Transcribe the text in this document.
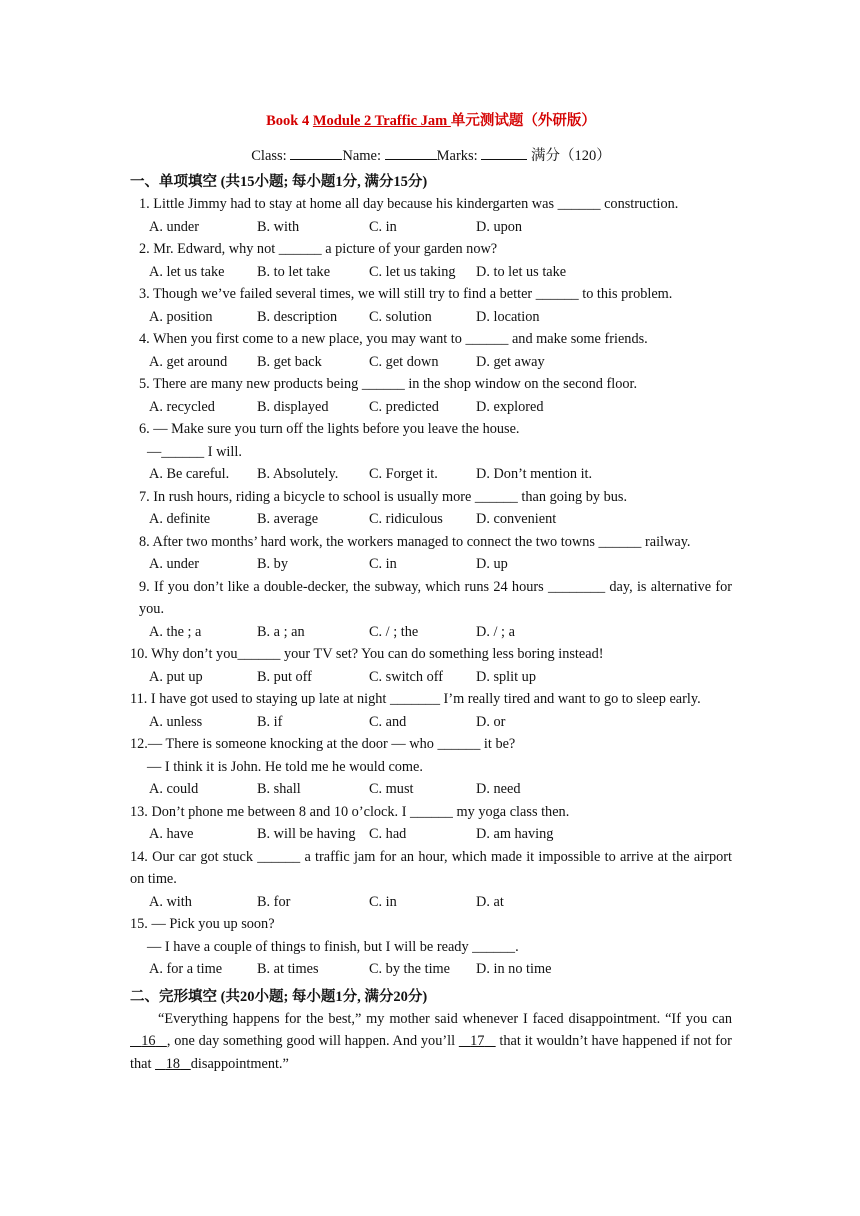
Book 4 Module 2 Traffic Jam 单元测试题（外研版）
Class:	Name:	Marks:	满分（120）
一、单项填空 (共15小题; 每小题1分, 满分15分)
1. Little Jimmy had to stay at home all day because his kindergarten was ______ construction.
A. under	B. with	C. in	D. upon
2. Mr. Edward, why not ______ a picture of your garden now?
A. let us take	B. to let take	C. let us taking	D. to let us take
3. Though we’ve failed several times, we will still try to find a better ______ to this problem.
A. position	B. description	C. solution	D. location
4. When you first come to a new place, you may want to ______ and make some friends.
A. get around	B. get back	C. get down	D. get away
5. There are many new products being ______ in the shop window on the second floor.
A. recycled	B. displayed	C. predicted	D. explored
6. — Make sure you turn off the lights before you leave the house.
—______ I will.
A. Be careful.	B. Absolutely.	C. Forget it.	D. Don’t mention it.
7. In rush hours, riding a bicycle to school is usually more ______ than going by bus.
A. definite	B. average	C. ridiculous	D. convenient
8. After two months’ hard work, the workers managed to connect the two towns ______ railway.
A. under	B. by	C. in	D. up
9. If you don’t like a double-decker, the subway, which runs 24 hours ________ day, is alternative for you.
A. the ; a	B. a ; an	C. / ; the	D. / ; a
10. Why don’t you______ your TV set? You can do something less boring instead!
A. put up	B. put off	C. switch off	D. split up
11. I have got used to staying up late at night _______ I’m really tired and want to go to sleep early.
A. unless	B. if	C. and	D. or
12.— There is someone knocking at the door — who ______ it be?
— I think it is John. He told me he would come.
A. could	B. shall	C. must	D. need
13. Don’t phone me between 8 and 10 o’clock. I ______ my yoga class then.
A. have	B. will be having C. had	D. am having
14. Our car got stuck ______ a traffic jam for an hour, which made it impossible to arrive at the airport on time.
A. with	B. for	C. in	D. at
15. — Pick you up soon?
— I have a couple of things to finish, but I will be ready ______.
A. for a time	B. at times	C. by the time	D. in no time
二、完形填空 (共20小题; 每小题1分, 满分20分)
“Everything happens for the best,” my mother said whenever I faced disappointment. “If you can    16 , one day something good will happen. And you’ll    17    that it wouldn’t have happened if not for that    18 disappointment.”
